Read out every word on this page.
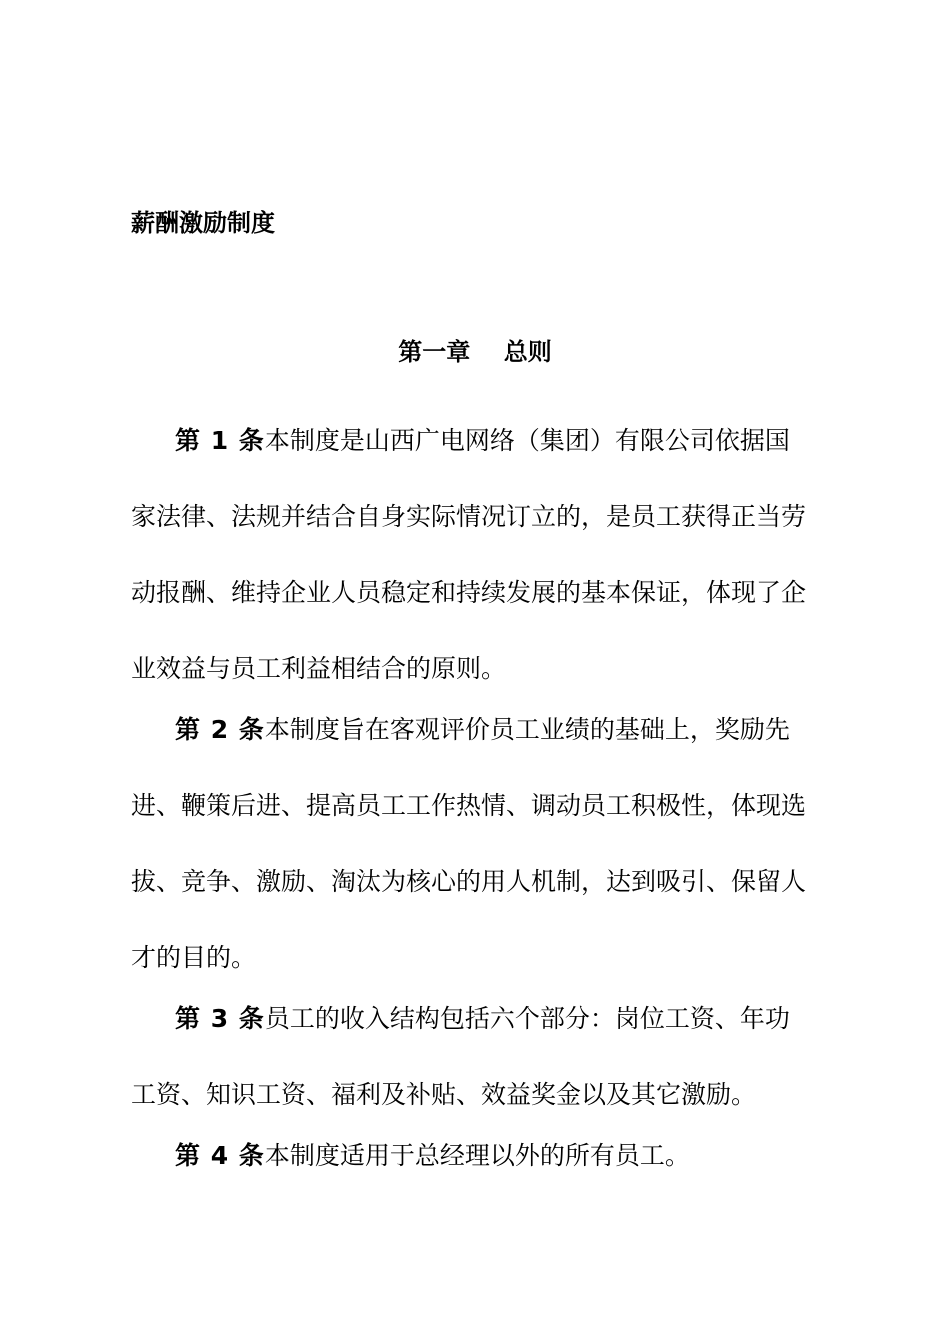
薪酬激励制度
第一章    总则

第 1 条本制度是山西广电网络（集团）有限公司依据国家法律、法规并结合自身实际情况订立的，是员工获得正当劳动报酬、维持企业人员稳定和持续发展的基本保证，体现了企业效益与员工利益相结合的原则。

第 2 条本制度旨在客观评价员工业绩的基础上，奖励先进、鞭策后进、提高员工工作热情、调动员工积极性，体现选拔、竞争、激励、淘汰为核心的用人机制，达到吸引、保留人才的目的。

第 3 条员工的收入结构包括六个部分：岗位工资、年功工资、知识工资、福利及补贴、效益奖金以及其它激励。

第 4 条本制度适用于总经理以外的所有员工。
